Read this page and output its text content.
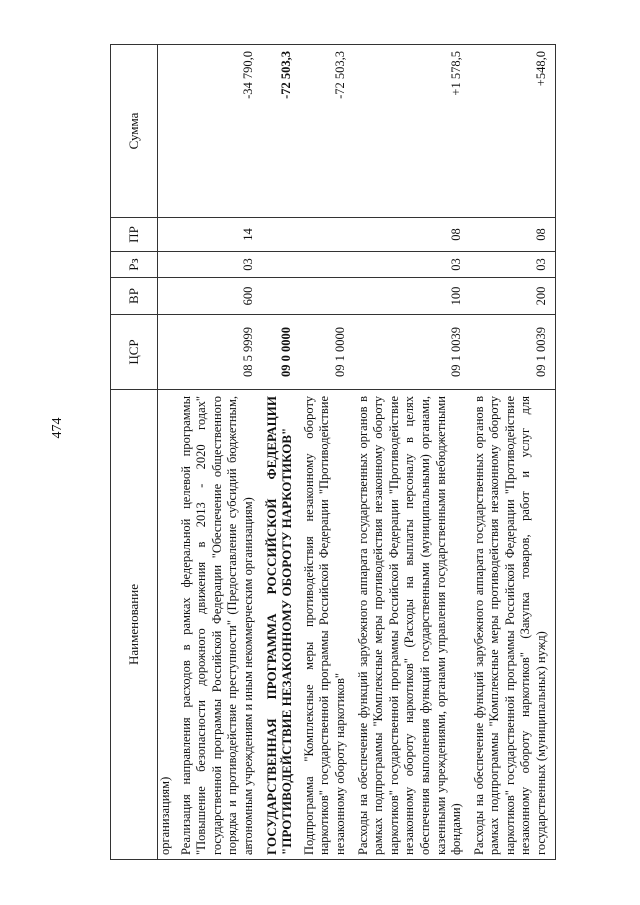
474
Наименование	ЦСР	ВР	Рз	ПР	Сумма
организациям)					
Реализация направления расходов в рамках федеральной целевой программы "Повышение безопасности дорожного движения в 2013 - 2020 годах" государственной программы Российской Федерации "Обеспечение общественного порядка и противодействие преступности" (Предоставление субсидий бюджетным, автономным учреждениям и иным некоммерческим организациям)	08 5 9999	600	03	14	-34 790,0
ГОСУДАРСТВЕННАЯ ПРОГРАММА РОССИЙСКОЙ ФЕДЕРАЦИИ "ПРОТИВОДЕЙСТВИЕ НЕЗАКОННОМУ ОБОРОТУ НАРКОТИКОВ"	09 0 0000				-72 503,3
Подпрограмма "Комплексные меры противодействия незаконному обороту наркотиков" государственной программы Российской Федерации "Противодействие незаконному обороту наркотиков"	09 1 0000				-72 503,3
Расходы на обеспечение функций зарубежного аппарата государственных органов в рамках подпрограммы "Комплексные меры противодействия незаконному обороту наркотиков" государственной программы Российской Федерации "Противодействие незаконному обороту наркотиков" (Расходы на выплаты персоналу в целях обеспечения выполнения функций государственными (муниципальными) органами, казенными учреждениями, органами управления государственными внебюджетными фондами)	09 1 0039	100	03	08	+1 578,5
Расходы на обеспечение функций зарубежного аппарата государственных органов в рамках подпрограммы "Комплексные меры противодействия незаконному обороту наркотиков" государственной программы Российской Федерации "Противодействие незаконному обороту наркотиков" (Закупка товаров, работ и услуг для государственных (муниципальных) нужд)	09 1 0039	200	03	08	+548,0
